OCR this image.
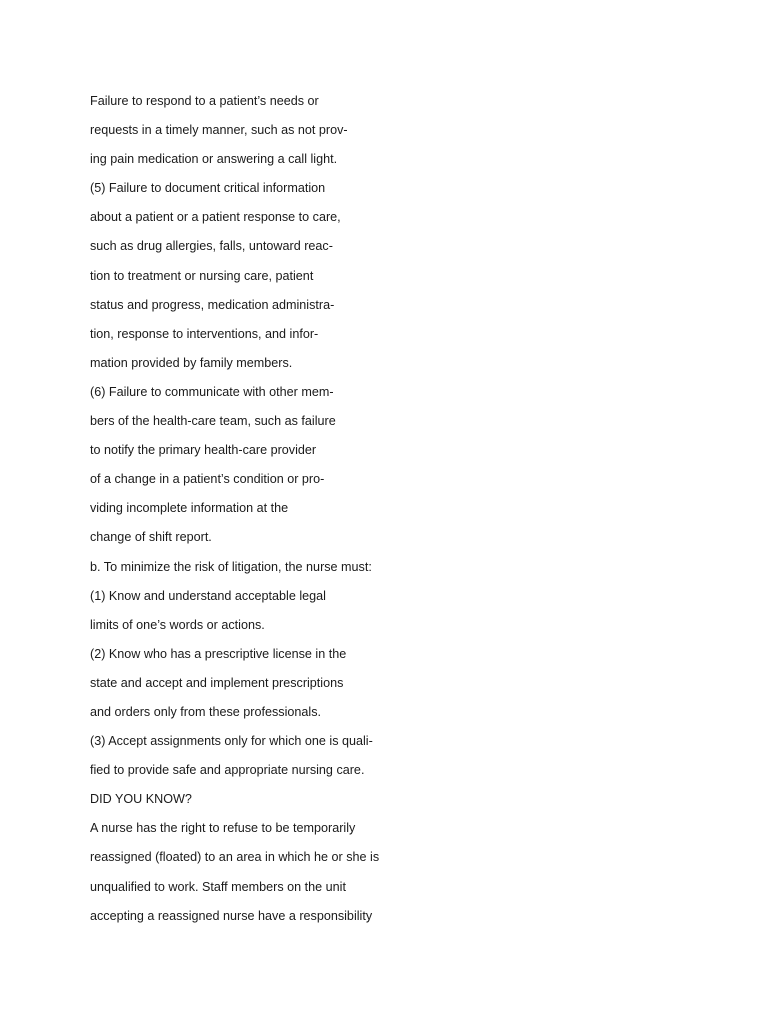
Failure to respond to a patient’s needs or
requests in a timely manner, such as not prov-
ing pain medication or answering a call light.
(5) Failure to document critical information
about a patient or a patient response to care,
such as drug allergies, falls, untoward reac-
tion to treatment or nursing care, patient
status and progress, medication administra-
tion, response to interventions, and infor-
mation provided by family members.
(6) Failure to communicate with other mem-
bers of the health-care team, such as failure
to notify the primary health-care provider
of a change in a patient’s condition or pro-
viding incomplete information at the
change of shift report.
b. To minimize the risk of litigation, the nurse must:
(1) Know and understand acceptable legal
limits of one’s words or actions.
(2) Know who has a prescriptive license in the
state and accept and implement prescriptions
and orders only from these professionals.
(3) Accept assignments only for which one is quali-
fied to provide safe and appropriate nursing care.
DID YOU KNOW?
A nurse has the right to refuse to be temporarily
reassigned (floated) to an area in which he or she is
unqualified to work. Staff members on the unit
accepting a reassigned nurse have a responsibility
